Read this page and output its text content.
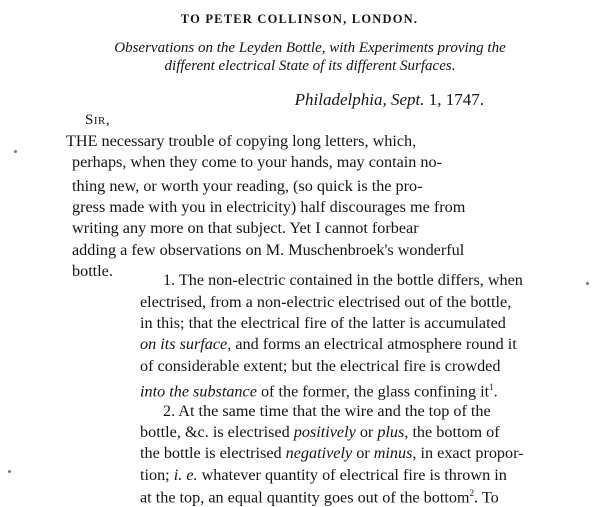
TO PETER COLLINSON, LONDON.
Observations on the Leyden Bottle, with Experiments proving the
different electrical State of its different Surfaces.
Philadelphia, Sept. 1, 1747.
Sir,
THE necessary trouble of copying long letters, which,
perhaps, when they come to your hands, may contain no-
thing new, or worth your reading, (so quick is the pro-
gress made with you in electricity) half discourages me from
writing any more on that subject. Yet I cannot forbear
adding a few observations on M. Muschenbroek's wonderful
bottle.	1. The non-electric contained in the bottle differs, when
electrised, from a non-electric electrised out of the bottle,
in this; that the electrical fire of the latter is accumulated
on its surface, and forms an electrical atmosphere round it
of considerable extent; but the electrical fire is crowded
into the substance of the former, the glass confining $it^1$.
2. At the same time that the wire and the top of the
bottle, &c. is electrised positively or plus, the bottom of
the bottle is electrised negatively or minus, in exact propor-
tion; i. e. whatever quantity of electrical fire is thrown in
at the top, an equal quantity goes out of the bottom$^2$. To
